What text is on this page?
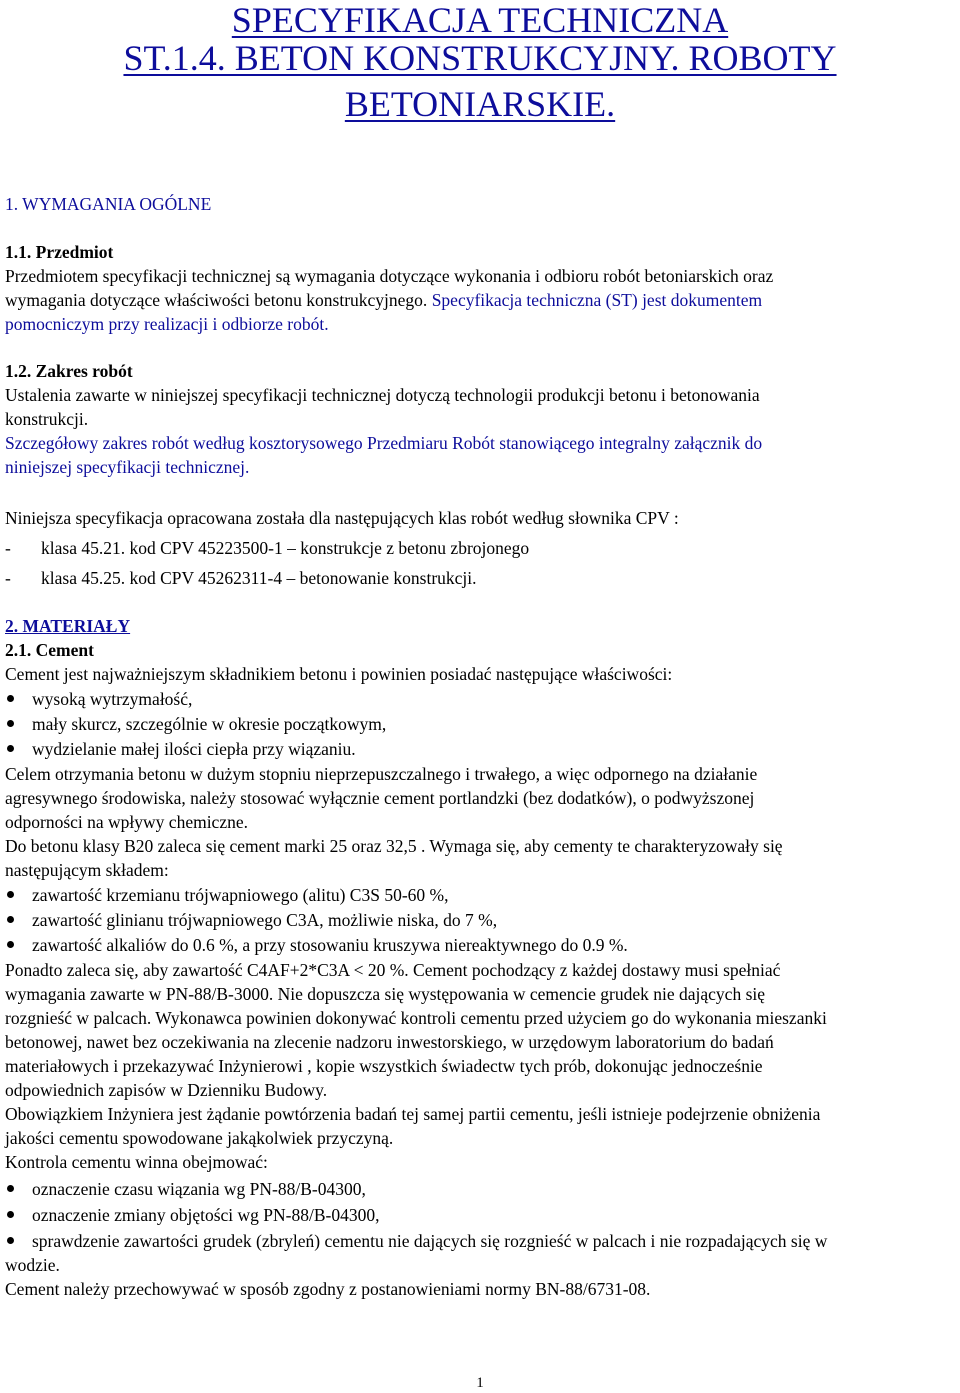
SPECYFIKACJA TECHNICZNA
ST.1.4. BETON KONSTRUKCYJNY. ROBOTY
BETONIARSKIE.
1. WYMAGANIA OGÓLNE
1.1. Przedmiot
Przedmiotem specyfikacji technicznej są wymagania dotyczące wykonania i odbioru robót betoniarskich oraz
wymagania dotyczące właściwości betonu konstrukcyjnego. Specyfikacja techniczna (ST) jest dokumentem
pomocniczym przy realizacji i odbiorze robót.
1.2. Zakres robót
Ustalenia zawarte w niniejszej specyfikacji technicznej dotyczą technologii produkcji betonu i betonowania
konstrukcji.
Szczegółowy zakres robót według kosztorysowego Przedmiaru Robót stanowiącego integralny załącznik do
niniejszej specyfikacji technicznej.
Niniejsza specyfikacja opracowana została dla następujących klas robót według słownika CPV :
- klasa 45.21. kod CPV 45223500-1 – konstrukcje z betonu zbrojonego
- klasa 45.25. kod CPV 45262311-4 – betonowanie konstrukcji.
2. MATERIAŁY
2.1. Cement
Cement jest najważniejszym składnikiem betonu i powinien posiadać następujące właściwości:
wysoką wytrzymałość,
mały skurcz, szczególnie w okresie początkowym,
wydzielanie małej ilości ciepła przy wiązaniu.
Celem otrzymania betonu w dużym stopniu nieprzepuszczalnego i trwałego, a więc odpornego na działanie
agresywnego środowiska, należy stosować wyłącznie cement portlandzki (bez dodatków), o podwyższonej
odporności na wpływy chemiczne.
Do betonu klasy B20 zaleca się cement marki 25 oraz 32,5 . Wymaga się, aby cementy te charakteryzowały się
następującym składem:
zawartość krzemianu trójwapniowego (alitu) C3S 50-60 %,
zawartość glinianu trójwapniowego C3A, możliwie niska, do 7 %,
zawartość alkaliów do 0.6 %, a przy stosowaniu kruszywa niereaktywnego do 0.9 %.
Ponadto zaleca się, aby zawartość C4AF+2*C3A < 20 %. Cement pochodzący z każdej dostawy musi spełniać
wymagania zawarte w PN-88/B-3000. Nie dopuszcza się występowania w cemencie grudek nie dających się
rozgnieść w palcach. Wykonawca powinien dokonywać kontroli cementu przed użyciem go do wykonania mieszanki
betonowej, nawet bez oczekiwania na zlecenie nadzoru inwestorskiego, w urzędowym laboratorium do badań
materiałowych i przekazywać Inżynierowi , kopie wszystkich świadectw tych prób, dokonując jednocześnie
odpowiednich zapisów w Dzienniku Budowy.
Obowiązkiem Inżyniera jest żądanie powtórzenia badań tej samej partii cementu, jeśli istnieje podejrzenie obniżenia
jakości cementu spowodowane jakąkolwiek przyczyną.
Kontrola cementu winna obejmować:
oznaczenie czasu wiązania wg PN-88/B-04300,
oznaczenie zmiany objętości wg PN-88/B-04300,
sprawdzenie zawartości grudek (zbryleń) cementu nie dających się rozgnieść w palcach i nie rozpadających się w
wodzie.
Cement należy przechowywać w sposób zgodny z postanowieniami normy BN-88/6731-08.
1
